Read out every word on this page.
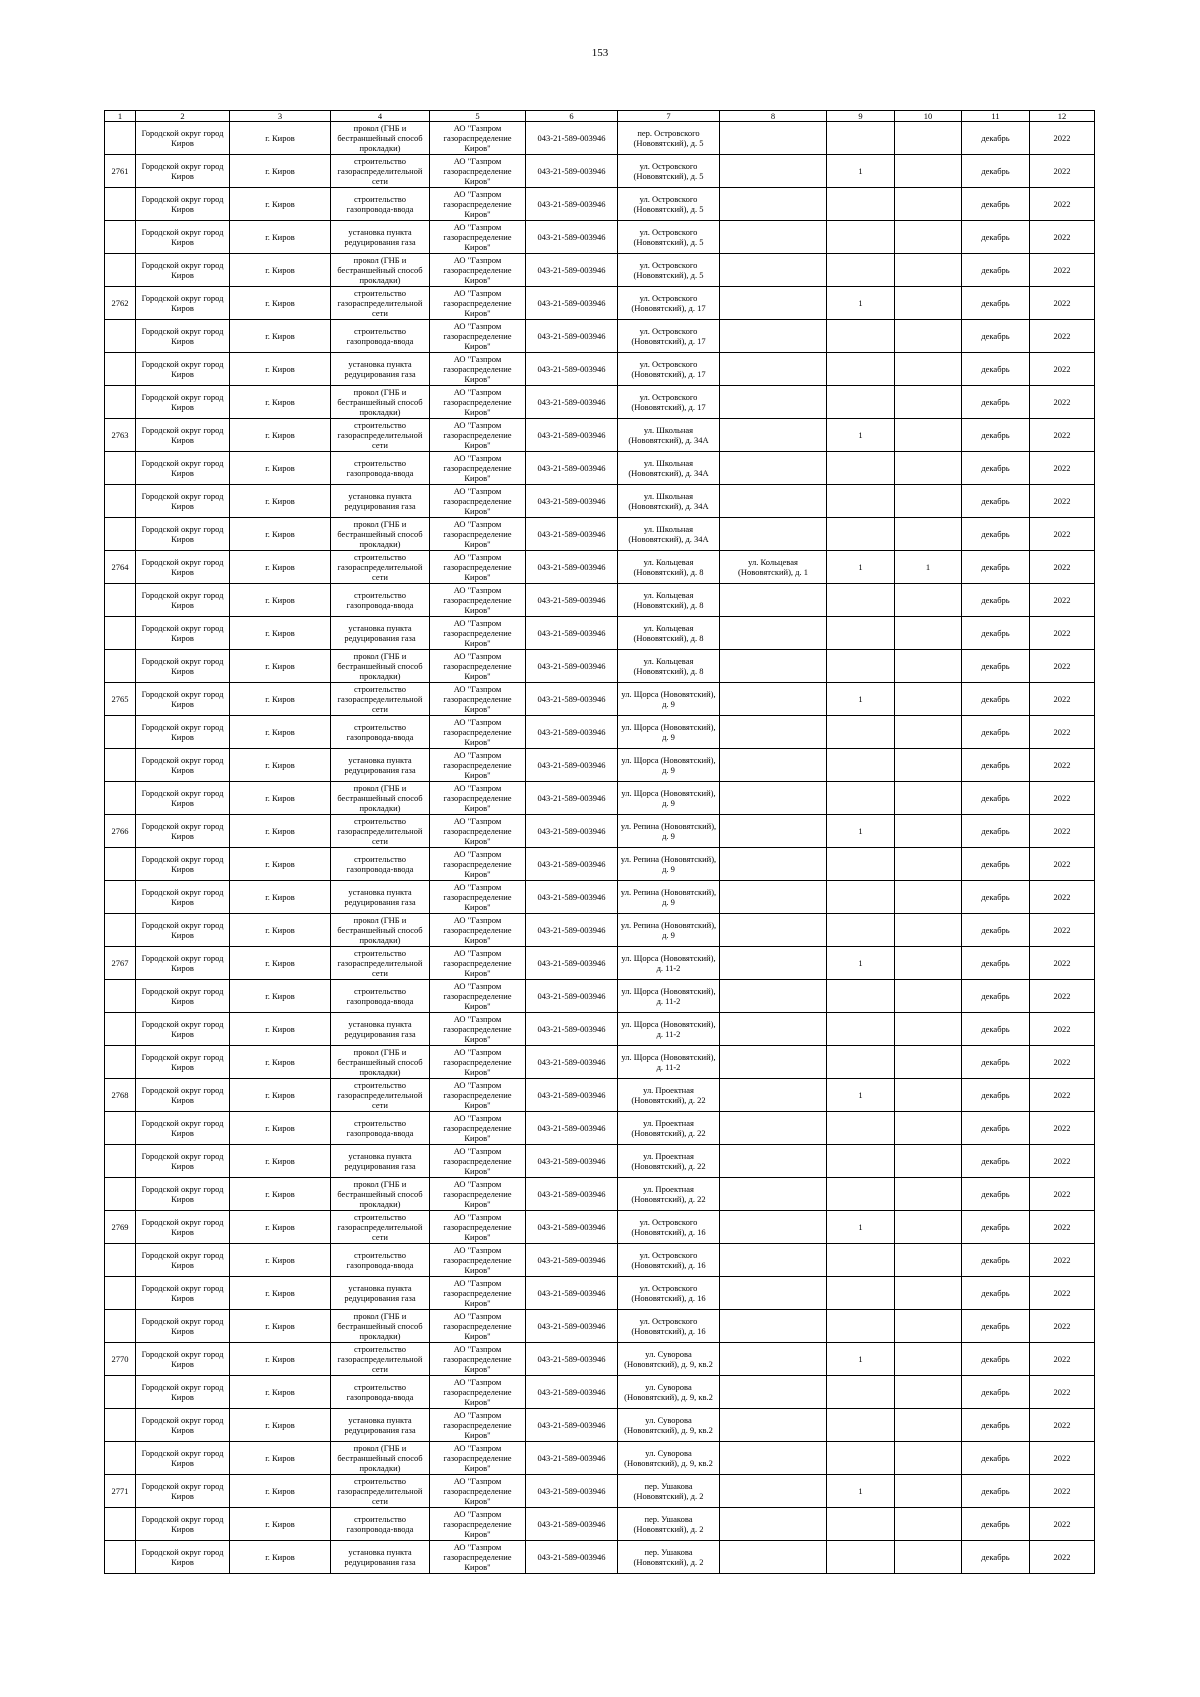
153
1	2	3	4	5	6	7	8	9	10	11	12

	Городской округ город Киров	г. Киров	прокол (ГНБ и бестраншейный способ прокладки)	АО "Газпром газораспределение Киров"	043-21-589-003946	пер. Островского (Нововятский), д. 5				декабрь	2022

2761	Городской округ город Киров	г. Киров	строительство газораспределительной сети	АО "Газпром газораспределение Киров"	043-21-589-003946	ул. Островского (Нововятский), д. 5		1		декабрь	2022

	Городской округ город Киров	г. Киров	строительство газопровода-ввода	АО "Газпром газораспределение Киров"	043-21-589-003946	ул. Островского (Нововятский), д. 5				декабрь	2022

	Городской округ город Киров	г. Киров	установка пункта редуцирования газа	АО "Газпром газораспределение Киров"	043-21-589-003946	ул. Островского (Нововятский), д. 5				декабрь	2022

	Городской округ город Киров	г. Киров	прокол (ГНБ и бестраншейный способ прокладки)	АО "Газпром газораспределение Киров"	043-21-589-003946	ул. Островского (Нововятский), д. 5				декабрь	2022

2762	Городской округ город Киров	г. Киров	строительство газораспределительной сети	АО "Газпром газораспределение Киров"	043-21-589-003946	ул. Островского (Нововятский), д. 17		1		декабрь	2022

	Городской округ город Киров	г. Киров	строительство газопровода-ввода	АО "Газпром газораспределение Киров"	043-21-589-003946	ул. Островского (Нововятский), д. 17				декабрь	2022

	Городской округ город Киров	г. Киров	установка пункта редуцирования газа	АО "Газпром газораспределение Киров"	043-21-589-003946	ул. Островского (Нововятский), д. 17				декабрь	2022

	Городской округ город Киров	г. Киров	прокол (ГНБ и бестраншейный способ прокладки)	АО "Газпром газораспределение Киров"	043-21-589-003946	ул. Островского (Нововятский), д. 17				декабрь	2022

2763	Городской округ город Киров	г. Киров	строительство газораспределительной сети	АО "Газпром газораспределение Киров"	043-21-589-003946	ул. Школьная (Нововятский), д. 34А		1		декабрь	2022

	Городской округ город Киров	г. Киров	строительство газопровода-ввода	АО "Газпром газораспределение Киров"	043-21-589-003946	ул. Школьная (Нововятский), д. 34А				декабрь	2022

	Городской округ город Киров	г. Киров	установка пункта редуцирования газа	АО "Газпром газораспределение Киров"	043-21-589-003946	ул. Школьная (Нововятский), д. 34А				декабрь	2022

	Городской округ город Киров	г. Киров	прокол (ГНБ и бестраншейный способ прокладки)	АО "Газпром газораспределение Киров"	043-21-589-003946	ул. Школьная (Нововятский), д. 34А				декабрь	2022

2764	Городской округ город Киров	г. Киров	строительство газораспределительной сети	АО "Газпром газораспределение Киров"	043-21-589-003946	ул. Кольцевая (Нововятский), д. 8	ул. Кольцевая (Нововятский), д. 1	1	1	декабрь	2022

	Городской округ город Киров	г. Киров	строительство газопровода-ввода	АО "Газпром газораспределение Киров"	043-21-589-003946	ул. Кольцевая (Нововятский), д. 8				декабрь	2022

	Городской округ город Киров	г. Киров	установка пункта редуцирования газа	АО "Газпром газораспределение Киров"	043-21-589-003946	ул. Кольцевая (Нововятский), д. 8				декабрь	2022

	Городской округ город Киров	г. Киров	прокол (ГНБ и бестраншейный способ прокладки)	АО "Газпром газораспределение Киров"	043-21-589-003946	ул. Кольцевая (Нововятский), д. 8				декабрь	2022

2765	Городской округ город Киров	г. Киров	строительство газораспределительной сети	АО "Газпром газораспределение Киров"	043-21-589-003946	ул. Щорса (Нововятский), д. 9		1		декабрь	2022

	Городской округ город Киров	г. Киров	строительство газопровода-ввода	АО "Газпром газораспределение Киров"	043-21-589-003946	ул. Щорса (Нововятский), д. 9				декабрь	2022

	Городской округ город Киров	г. Киров	установка пункта редуцирования газа	АО "Газпром газораспределение Киров"	043-21-589-003946	ул. Щорса (Нововятский), д. 9				декабрь	2022

	Городской округ город Киров	г. Киров	прокол (ГНБ и бестраншейный способ прокладки)	АО "Газпром газораспределение Киров"	043-21-589-003946	ул. Щорса (Нововятский), д. 9				декабрь	2022

2766	Городской округ город Киров	г. Киров	строительство газораспределительной сети	АО "Газпром газораспределение Киров"	043-21-589-003946	ул. Репина (Нововятский), д. 9		1		декабрь	2022

	Городской округ город Киров	г. Киров	строительство газопровода-ввода	АО "Газпром газораспределение Киров"	043-21-589-003946	ул. Репина (Нововятский), д. 9				декабрь	2022

	Городской округ город Киров	г. Киров	установка пункта редуцирования газа	АО "Газпром газораспределение Киров"	043-21-589-003946	ул. Репина (Нововятский), д. 9				декабрь	2022

	Городской округ город Киров	г. Киров	прокол (ГНБ и бестраншейный способ прокладки)	АО "Газпром газораспределение Киров"	043-21-589-003946	ул. Репина (Нововятский), д. 9				декабрь	2022

2767	Городской округ город Киров	г. Киров	строительство газораспределительной сети	АО "Газпром газораспределение Киров"	043-21-589-003946	ул. Щорса (Нововятский), д. 11-2		1		декабрь	2022

	Городской округ город Киров	г. Киров	строительство газопровода-ввода	АО "Газпром газораспределение Киров"	043-21-589-003946	ул. Щорса (Нововятский), д. 11-2				декабрь	2022

	Городской округ город Киров	г. Киров	установка пункта редуцирования газа	АО "Газпром газораспределение Киров"	043-21-589-003946	ул. Щорса (Нововятский), д. 11-2				декабрь	2022

	Городской округ город Киров	г. Киров	прокол (ГНБ и бестраншейный способ прокладки)	АО "Газпром газораспределение Киров"	043-21-589-003946	ул. Щорса (Нововятский), д. 11-2				декабрь	2022

2768	Городской округ город Киров	г. Киров	строительство газораспределительной сети	АО "Газпром газораспределение Киров"	043-21-589-003946	ул. Проектная (Нововятский), д. 22		1		декабрь	2022

	Городской округ город Киров	г. Киров	строительство газопровода-ввода	АО "Газпром газораспределение Киров"	043-21-589-003946	ул. Проектная (Нововятский), д. 22				декабрь	2022

	Городской округ город Киров	г. Киров	установка пункта редуцирования газа	АО "Газпром газораспределение Киров"	043-21-589-003946	ул. Проектная (Нововятский), д. 22				декабрь	2022

	Городской округ город Киров	г. Киров	прокол (ГНБ и бестраншейный способ прокладки)	АО "Газпром газораспределение Киров"	043-21-589-003946	ул. Проектная (Нововятский), д. 22				декабрь	2022

2769	Городской округ город Киров	г. Киров	строительство газораспределительной сети	АО "Газпром газораспределение Киров"	043-21-589-003946	ул. Островского (Нововятский), д. 16		1		декабрь	2022

	Городской округ город Киров	г. Киров	строительство газопровода-ввода	АО "Газпром газораспределение Киров"	043-21-589-003946	ул. Островского (Нововятский), д. 16				декабрь	2022

	Городской округ город Киров	г. Киров	установка пункта редуцирования газа	АО "Газпром газораспределение Киров"	043-21-589-003946	ул. Островского (Нововятский), д. 16				декабрь	2022

	Городской округ город Киров	г. Киров	прокол (ГНБ и бестраншейный способ прокладки)	АО "Газпром газораспределение Киров"	043-21-589-003946	ул. Островского (Нововятский), д. 16				декабрь	2022

2770	Городской округ город Киров	г. Киров	строительство газораспределительной сети	АО "Газпром газораспределение Киров"	043-21-589-003946	ул. Суворова (Нововятский), д. 9, кв.2		1		декабрь	2022

	Городской округ город Киров	г. Киров	строительство газопровода-ввода	АО "Газпром газораспределение Киров"	043-21-589-003946	ул. Суворова (Нововятский), д. 9, кв.2				декабрь	2022

	Городской округ город Киров	г. Киров	установка пункта редуцирования газа	АО "Газпром газораспределение Киров"	043-21-589-003946	ул. Суворова (Нововятский), д. 9, кв.2				декабрь	2022

	Городской округ город Киров	г. Киров	прокол (ГНБ и бестраншейный способ прокладки)	АО "Газпром газораспределение Киров"	043-21-589-003946	ул. Суворова (Нововятский), д. 9, кв.2				декабрь	2022

2771	Городской округ город Киров	г. Киров	строительство газораспределительной сети	АО "Газпром газораспределение Киров"	043-21-589-003946	пер. Ушакова (Нововятский), д. 2		1		декабрь	2022

	Городской округ город Киров	г. Киров	строительство газопровода-ввода	АО "Газпром газораспределение Киров"	043-21-589-003946	пер. Ушакова (Нововятский), д. 2				декабрь	2022

	Городской округ город Киров	г. Киров	установка пункта редуцирования газа	АО "Газпром газораспределение Киров"	043-21-589-003946	пер. Ушакова (Нововятский), д. 2				декабрь	2022
